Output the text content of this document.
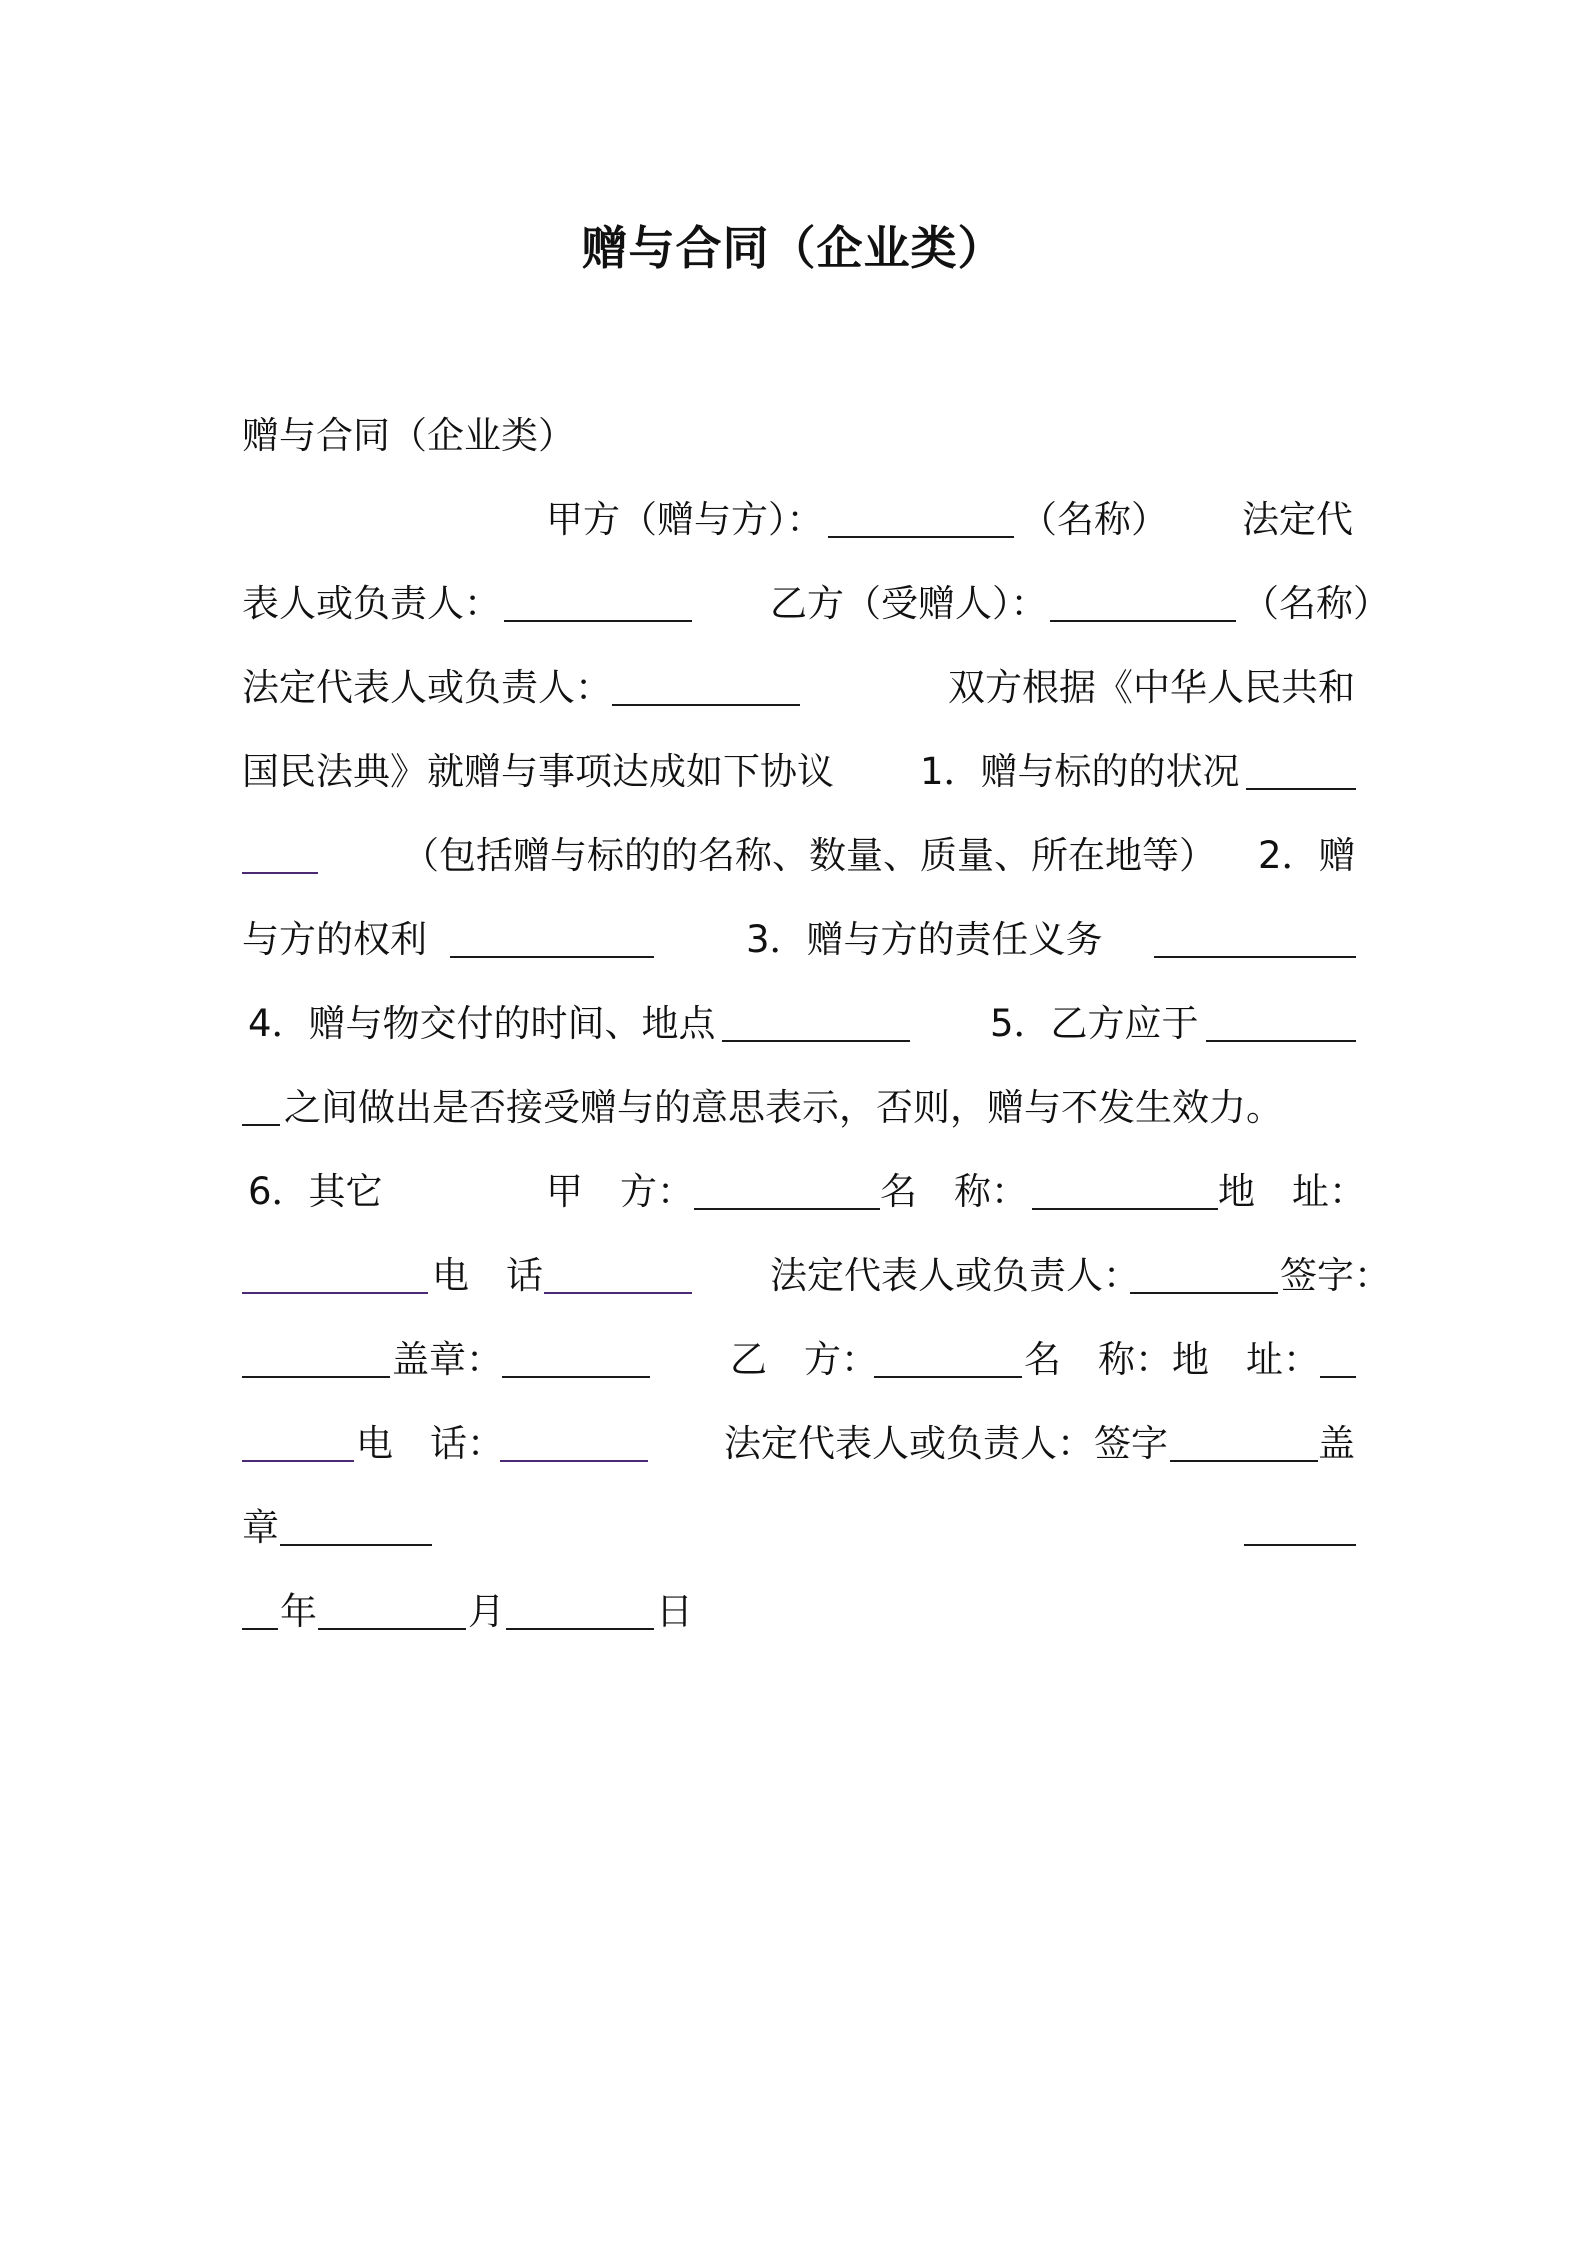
赠与合同（企业类）
赠与合同（企业类）
甲方（赠与方）：	（名称） 法定代
表人或负责人：	乙方（受赠人）：	（名称）
法定代表人或负责人：	双方根据《中华人民共和
国民法典》就赠与事项达成如下协议 1．赠与标的的状况
（包括赠与标的的名称、数量、质量、所在地等） 2．赠
与方的权利	3．赠与方的责任义务
4．赠与物交付的时间、地点	5．乙方应于
之间做出是否接受赠与的意思表示，否则，赠与不发生效力。
6．其它	甲　方：	名　称：	地　址：
电　话	法定代表人或负责人：	签字：
盖章：	乙　方：	名　称：地　址：
电　话：	法定代表人或负责人：签字	盖
章
年	月	日
